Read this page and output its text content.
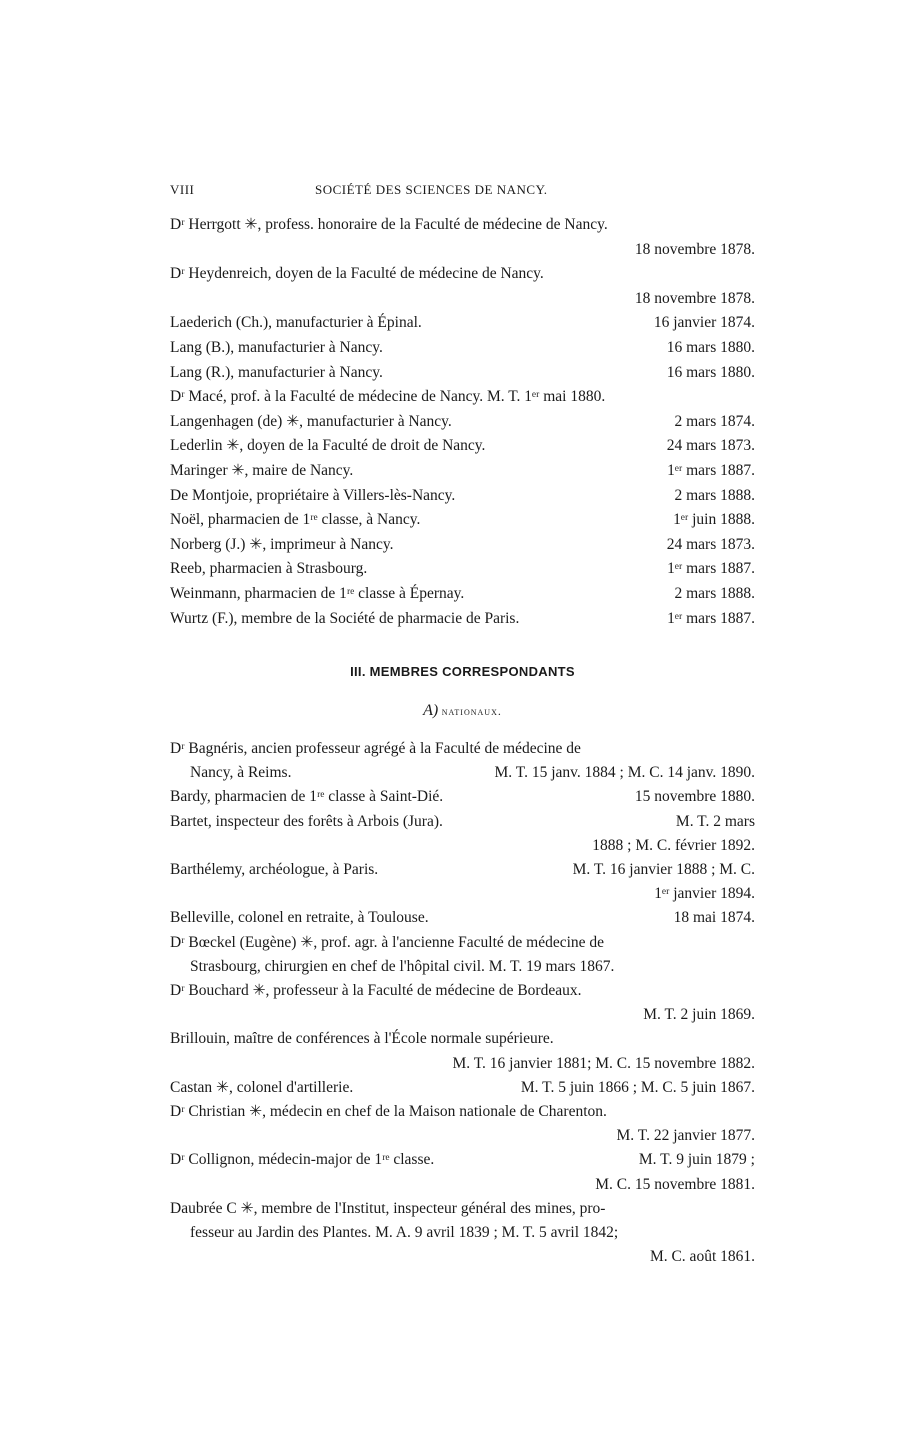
VIII	SOCIÉTÉ DES SCIENCES DE NANCY.
Dʳ Herrgott ✳, profess. honoraire de la Faculté de médecine de Nancy.
18 novembre 1878.
Dʳ Heydenreich, doyen de la Faculté de médecine de Nancy.
18 novembre 1878.
Laederich (Ch.), manufacturier à Épinal.	16 janvier 1874.
Lang (B.), manufacturier à Nancy.	16 mars 1880.
Lang (R.), manufacturier à Nancy.	16 mars 1880.
Dʳ Macé, prof. à la Faculté de médecine de Nancy. M. T. 1ᵉʳ mai 1880.
Langenhagen (de) ✳, manufacturier à Nancy.	2 mars 1874.
Lederlin ✳, doyen de la Faculté de droit de Nancy.	24 mars 1873.
Maringer ✳, maire de Nancy.	1ᵉʳ mars 1887.
De Montjoie, propriétaire à Villers-lès-Nancy.	2 mars 1888.
Noël, pharmacien de 1ʳᵉ classe, à Nancy.	1ᵉʳ juin 1888.
Norberg (J.) ✳, imprimeur à Nancy.	24 mars 1873.
Reeb, pharmacien à Strasbourg.	1ᵉʳ mars 1887.
Weinmann, pharmacien de 1ʳᵉ classe à Épernay.	2 mars 1888.
Wurtz (F.), membre de la Société de pharmacie de Paris.	1ᵉʳ mars 1887.
III. MEMBRES CORRESPONDANTS
A) nationaux.
Dʳ Bagnéris, ancien professeur agrégé à la Faculté de médecine de
Nancy, à Reims.	M. T. 15 janv. 1884 ; M. C. 14 janv. 1890.
Bardy, pharmacien de 1ʳᵉ classe à Saint-Dié.	15 novembre 1880.
Bartet, inspecteur des forêts à Arbois (Jura).	M. T. 2 mars
1888 ; M. C. février 1892.
Barthélemy, archéologue, à Paris.	M. T. 16 janvier 1888 ; M. C.
1ᵉʳ janvier 1894.
Belleville, colonel en retraite, à Toulouse.	18 mai 1874.
Dʳ Bœckel (Eugène) ✳, prof. agr. à l'ancienne Faculté de médecine de
Strasbourg, chirurgien en chef de l'hôpital civil. M. T. 19 mars 1867.
Dʳ Bouchard ✳, professeur à la Faculté de médecine de Bordeaux.
M. T. 2 juin 1869.
Brillouin, maître de conférences à l'École normale supérieure.
M. T. 16 janvier 1881; M. C. 15 novembre 1882.
Castan ✳, colonel d'artillerie.	M. T. 5 juin 1866 ; M. C. 5 juin 1867.
Dʳ Christian ✳, médecin en chef de la Maison nationale de Charenton.
M. T. 22 janvier 1877.
Dʳ Collignon, médecin-major de 1ʳᵉ classe.	M. T. 9 juin 1879 ;
M. C. 15 novembre 1881.
Daubrée C ✳, membre de l'Institut, inspecteur général des mines, pro-
fesseur au Jardin des Plantes. M. A. 9 avril 1839 ; M. T. 5 avril 1842;
M. C. août 1861.
